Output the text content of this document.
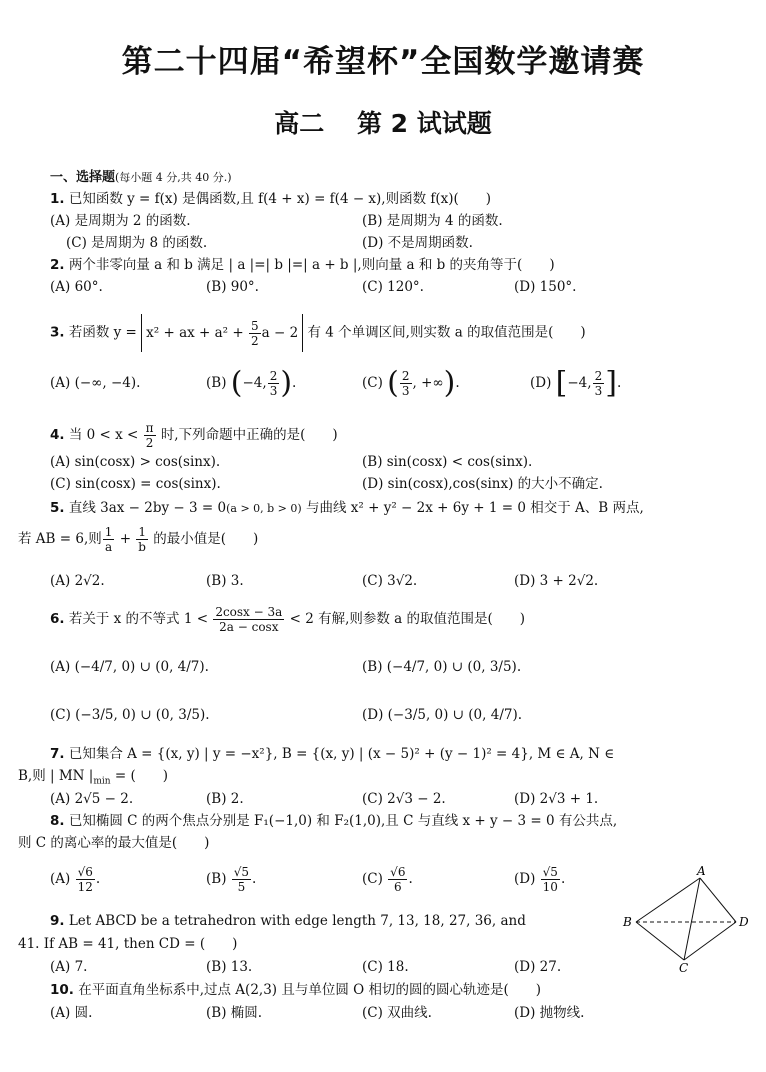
第二十四届“希望杯”全国数学邀请赛
高二 第 2 试试题
一、选择题(每小题 4 分,共 40 分.)
1. 已知函数 y = f(x) 是偶函数,且 f(4 + x) = f(4 − x),则函数 f(x)(　　)
(A) 是周期为 2 的函数.	(B) 是周期为 4 的函数.
(C) 是周期为 8 的函数.	(D) 不是周期函数.
2. 两个非零向量 a 和 b 满足 | a |=| b |=| a + b |,则向量 a 和 b 的夹角等于(　　)
(A) 60°.	(B) 90°.	(C) 120°.	(D) 150°.
3. 若函数 y = x² + ax + $a^2 + \frac{5}{2}$ a − 2 有 4 个单调区间,则实数 a 的取值范围是(　　)
(A) (−∞, −4).	(B) (−4, $\frac{2}{3}$ ).	(C) ( $\frac{2}{3}$ , +∞).	(D) [−4, $\frac{2}{3}$ ].
4. 当 $0 < x < \frac{\pi}{2}$ 时,下列命题中正确的是(　　)
(A) sin(cosx) > cos(sinx).	(B) sin(cosx) < cos(sinx).
(C) sin(cosx) = cos(sinx).	(D) sin(cosx),cos(sinx) 的大小不确定.
5. 直线 3ax − 2by − 3 = 0(a > 0, b > 0) 与曲线 x² + y² − 2x + 6y + 1 = 0 相交于 A、B 两点,
若 AB = 6,则 $\frac{1}{a} + \frac{1}{b}$ 的最小值是(　　)
(A) 2√2.	(B) 3.	(C) 3√2.	(D) 3 + 2√2.
6. 若关于 x 的不等式 $1 < \frac{2\cos x - 3a}{2a - \cos x} < 2$ 有解,则参数 a 的取值范围是(　　)
(A) (−4/7, 0) ∪ (0, 4/7).	(B) (−4/7, 0) ∪ (0, 3/5).
(C) (−3/5, 0) ∪ (0, 3/5).	(D) (−3/5, 0) ∪ (0, 4/7).
7. 已知集合 A = {(x, y) | y = −x²}, B = {(x, y) | (x − 5)² + (y − 1)² = 4}, M ∈ A, N ∈
B,则 | MN $|_{min}$ = (　　)
(A) 2√5 − 2.	(B) 2.	(C) 2√3 − 2.	(D) 2√3 + 1.
8. 已知椭圆 C 的两个焦点分别是 F₁(−1,0) 和 F₂(1,0),且 C 与直线 x + y − 3 = 0 有公共点,
则 C 的离心率的最大值是(　　)
$(A) \frac{√6}{12}$ .	$(B) \frac{√5}{5}$ .	$(C) \frac{√6}{6}$ .	$(D) \frac{√5}{10}$ .
9. Let ABCD be a tetrahedron with edge length 7, 13, 18, 27, 36, and
41. If AB = 41, then CD = (　　)
(A) 7.	(B) 13.	(C) 18.	(D) 27.
A
B
C
D
10. 在平面直角坐标系中,过点 A(2,3) 且与单位圆 O 相切的圆的圆心轨迹是(　　)
(A) 圆.	(B) 椭圆.	(C) 双曲线.	(D) 抛物线.
